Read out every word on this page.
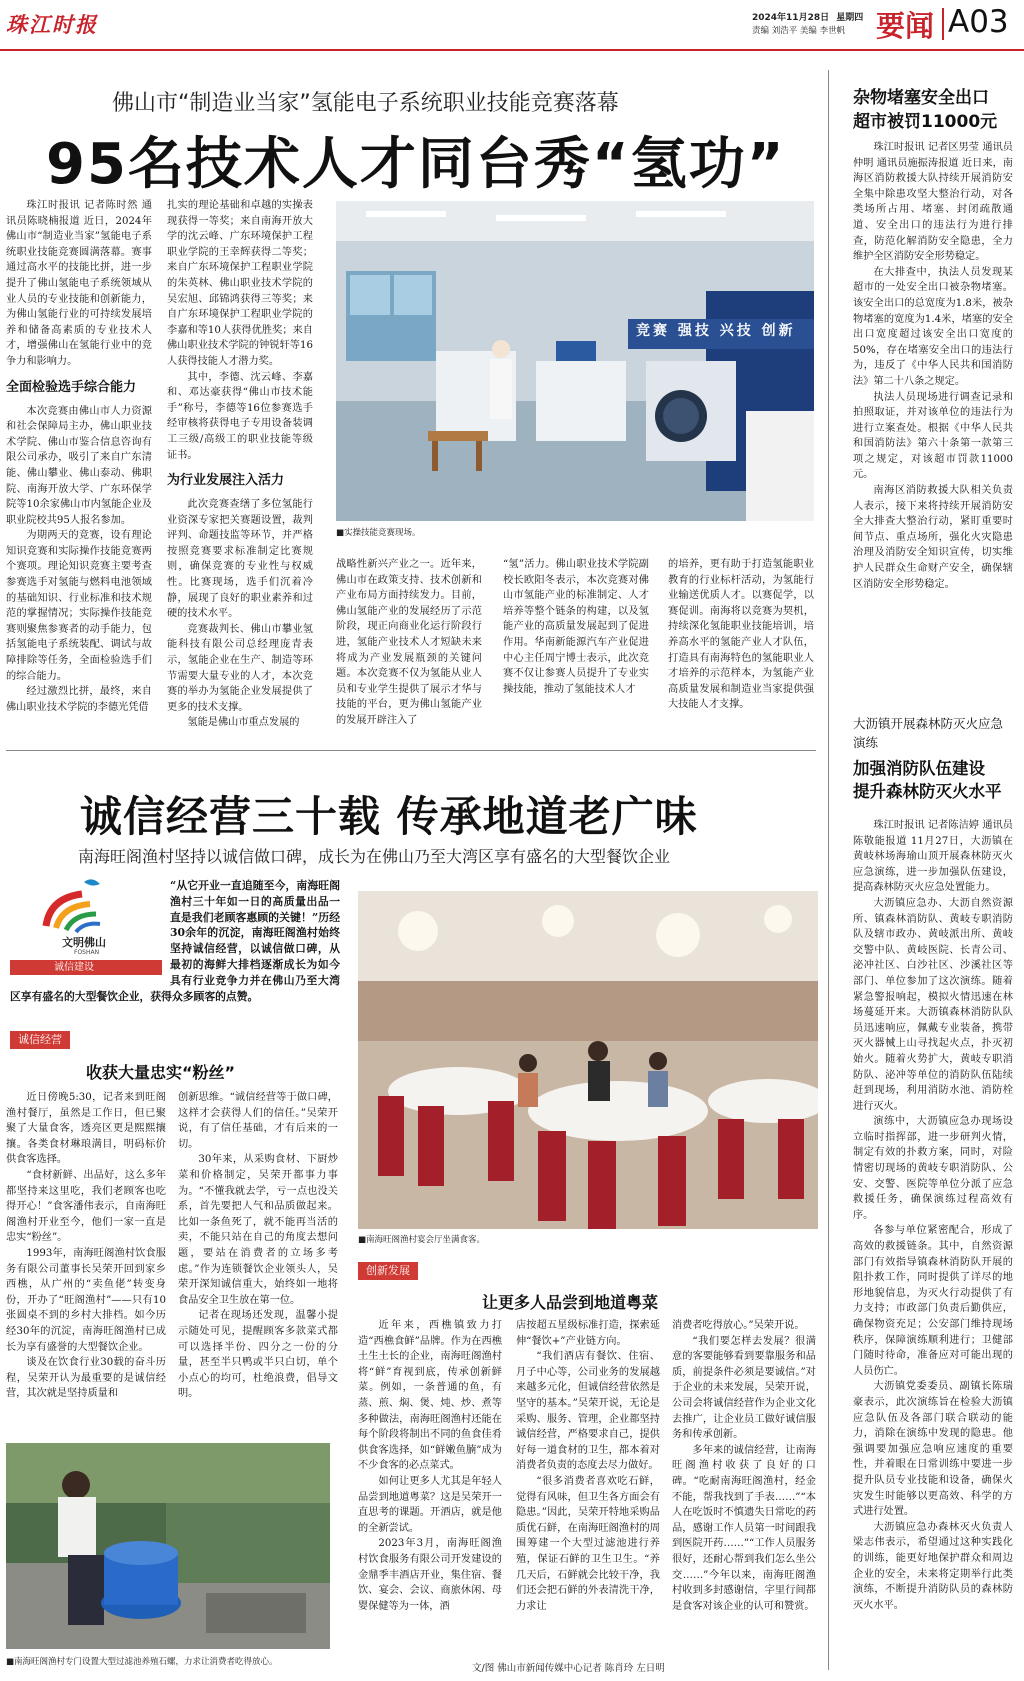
珠江时报	2024年11月28日 星期四
责编 刘浩平 美编 李世帆 要闻 A03
佛山市“制造业当家”氢能电子系统职业技能竞赛落幕
95名技术人才同台秀“氢功”

珠江时报讯 记者陈时然 通讯员陈晓楠报道 近日，2024年佛山市“制造业当家”氢能电子系统职业技能竞赛圆满落幕。赛事通过高水平的技能比拼，进一步提升了佛山氢能电子系统领域从业人员的专业技能和创新能力，为佛山氢能行业的可持续发展培养和储备高素质的专业技术人才，增强佛山在氢能行业中的竞争力和影响力。

全面检验选手综合能力

本次竞赛由佛山市人力资源和社会保障局主办，佛山职业技术学院、佛山市鉴合信息咨询有限公司承办，吸引了来自广东清能、佛山攀业、佛山泰动、佛职院、南海开放大学、广东环保学院等10余家佛山市内氢能企业及职业院校共95人报名参加。

为期两天的竞赛，设有理论知识竞赛和实际操作技能竞赛两个赛项。理论知识竞赛主要考查参赛选手对氢能与燃料电池领域的基础知识、行业标准和技术规范的掌握情况；实际操作技能竞赛则聚焦参赛者的动手能力，包括氢能电子系统装配、调试与故障排除等任务，全面检验选手们的综合能力。

经过激烈比拼，最终，来自佛山职业技术学院的李德光凭借

扎实的理论基础和卓越的实操表现获得一等奖；来自南海开放大学的沈云峰、广东环境保护工程职业学院的王幸辉获得二等奖；来自广东环境保护工程职业学院的朱英林、佛山职业技术学院的吴宏旭、邱锦鸿获得三等奖；来自广东环境保护工程职业学院的李嘉和等10人获得优胜奖；来自佛山职业技术学院的钟锐轩等16人获得技能人才潜力奖。

其中，李德、沈云峰、李嘉和、邓达豪获得“佛山市技术能手”称号，李德等16位参赛选手经审核将获得电子专用设备装调工三级/高级工的职业技能等级证书。

为行业发展注入活力

此次竞赛查缮了多位氢能行业资深专家把关赛题设置，裁判评判、命题技监等环节，并严格按照竞赛要求标准制定比赛规则，确保竞赛的专业性与权威性。比赛现场，选手们沉着冷静，展现了良好的职业素养和过硬的技术水平。

竞赛裁判长、佛山市攀业氢能科技有限公司总经理庞青表示，氢能企业在生产、制造等环节需要大量专业的人才，本次竞赛的举办为氢能企业发展提供了更多的技术支撑。

氢能是佛山市重点发展的

竞赛 强技 兴技 创新
■实操技能竞赛现场。

战略性新兴产业之一。近年来，佛山市在政策支持、技术创新和产业布局方面持续发力。目前，佛山氢能产业的发展经历了示范阶段，现正向商业化运行阶段行进，氢能产业技术人才短缺未来将成为产业发展瓶颈的关键问题。本次竞赛不仅为氢能从业人员和专业学生提供了展示才华与技能的平台，更为佛山氢能产业的发展开辟注入了

“氢”活力。佛山职业技术学院副校长欧阳冬表示，本次竞赛对佛山市氢能产业的标准制定、人才培养等整个链条的构建，以及氢能产业的高质量发展起到了促进作用。华南新能源汽车产业促进中心主任周宁博士表示，此次竞赛不仅让参赛人员提升了专业实操技能，推动了氢能技术人才

的培养，更有助于打造氢能职业教育的行业标杆活动，为氢能行业输送优质人才。以赛促学，以赛促训。南海将以竞赛为契机，持续深化氢能职业技能培训，培养高水平的氢能产业人才队伍，打造具有南海特色的氢能职业人才培养的示范样本，为氢能产业高质量发展和制造业当家提供强大技能人才支撑。

杂物堵塞安全出口
超市被罚11000元

珠江时报讯 记者区男莹 通讯员 仲明 通讯员施振涛报道 近日来，南海区消防救援大队持续开展消防安全集中除患攻坚大整治行动，对各类场所占用、堵塞、封闭疏散通道、安全出口的违法行为进行排查，防范化解消防安全隐患，全力维护全区消防安全形势稳定。

在大排查中，执法人员发现某超市的一处安全出口被杂物堵塞。该安全出口的总宽度为1.8米，被杂物堵塞的宽度为1.4米，堵塞的安全出口宽度超过该安全出口宽度的50%，存在堵塞安全出口的违法行为，违反了《中华人民共和国消防法》第二十八条之规定。

执法人员现场进行调查记录和拍照取证，并对该单位的违法行为进行立案查处。根据《中华人民共和国消防法》第六十条第一款第三项之规定，对该超市罚款11000元。

南海区消防救援大队相关负责人表示，接下来将持续开展消防安全大排查大整治行动，紧盯重要时间节点、重点场所，强化火灾隐患治理及消防安全知识宣传，切实维护人民群众生命财产安全，确保辖区消防安全形势稳定。

大沥镇开展森林防灭火应急演练
加强消防队伍建设
提升森林防灭火水平

珠江时报讯 记者陈洁婷 通讯员陈敬能报道 11月27日，大沥镇在黄岐林场海瑜山顶开展森林防灭火应急演练，进一步加强队伍建设，提高森林防灭火应急处置能力。

大沥镇应急办、大沥自然资源所、镇森林消防队、黄岐专职消防队及辖市政办、黄岐派出所、黄岐交警中队、黄岐医院、长青公司、泌冲社区、白沙社区、沙溪社区等部门、单位参加了这次演练。随着紧急警报响起，模拟火情迅速在林场蔓延开来。大沥镇森林消防队队员迅速响应，佩戴专业装备，携带灭火器械上山寻找起火点，扑灭初始火。随着火势扩大，黄岐专职消防队、泌冲等单位的消防队伍陆续赶到现场，利用消防水池、消防栓进行灭火。

演练中，大沥镇应急办现场设立临时指挥部，进一步研判火情，制定有效的扑救方案，同时，对险情密切现场的黄岐专职消防队、公安、交警、医院等单位分派了应急救援任务，确保演练过程高效有序。

各参与单位紧密配合，形成了高效的救援链条。其中，自然资源部门有效指导镇森林消防队开展的阻扑救工作，同时提供了详尽的地形地貌信息，为灭火行动提供了有力支持；市政部门负责后勤供应，确保物资充足；公安部门维持现场秩序，保障演练顺利进行；卫健部门随时待命，准备应对可能出现的人员伤亡。

大沥镇党委委员、副镇长陈瑞豪表示，此次演练旨在检验大沥镇应急队伍及各部门联合联动的能力，消除在演练中发现的隐患。他强调要加强应急响应速度的重要性，并着眼在日常训练中要进一步提升队员专业技能和设备，确保火灾发生时能够以更高效、科学的方式进行处置。

大沥镇应急办森林灭火负责人梁志伟表示，希望通过这种实践化的训练，能更好地保护群众和周边企业的安全，未来将定期举行此类演练，不断提升消防队员的森林防灭火水平。

诚信经营三十载 传承地道老广味
南海旺阁渔村坚持以诚信做口碑，成长为在佛山乃至大湾区享有盛名的大型餐饮企业
文明佛山
FOSHAN
诚信建设

“从它开业一直追随至今，南海旺阁渔村三十年如一日的高质量出品一直是我们老顾客惠顾的关键！”历经30余年的沉淀，南海旺阁渔村始终坚持诚信经营，以诚信做口碑，从最初的海鲜大排档逐渐成长为如今具有行业竞争力并在佛山乃至大湾区享有盛名的大型餐饮企业，获得众多顾客的点赞。

诚信经营
收获大量忠实“粉丝”

近日傍晚5:30，记者来到旺阁渔村餐厅，虽然是工作日，但已聚聚了大量食客，透亮区更是熙熙攘攘。各类食材琳琅满目，明码标价供食客选择。

“食材新鲜、出品好，这么多年都坚持来这里吃，我们老顾客也吃得开心！”食客潘伟表示，自南海旺阁渔村开业至今，他们一家一直是忠实“粉丝”。

1993年，南海旺阁渔村饮食服务有限公司董事长吴荣开回到家乡西樵，从广州的“卖鱼佬”转变身份，开办了“旺阁渔村”——只有10张圆桌不到的乡村大排档。如今历经30年的沉淀，南海旺阁渔村已成长为享有盛誉的大型餐饮企业。

谈及在饮食行业30载的奋斗历程，吴荣开认为最重要的是诚信经营，其次就是坚持质量和

创新思维。“诚信经营等于做口碑，这样才会获得人们的信任。”吴荣开说，有了信任基础，才有后来的一切。

30年来，从采购食材、下厨炒菜和价格制定，吴荣开都事力事为。“不懂我就去学，亏一点也没关系，首先要把人气和品质做起来。比如一条鱼死了，就不能再当活的卖，不能只站在自己的角度去想问题，要站在消费者的立场多考虑。”作为连锁餐饮企业领头人，吴荣开深知诚信重大，始终如一地将食品安全卫生放在第一位。

记者在现场还发现，温馨小提示随处可见，提醒顾客多款菜式都可以选择半份、四分之一份的分量，甚至半只鸭或半只白切，单个小点心的均可，杜绝浪费，倡导文明。

■南海旺阁渔村宴会厅坐满食客。
创新发展
让更多人品尝到地道粤菜

近年来，西樵镇致力打造“西樵食鲜”品牌。作为在西樵土生土长的企业，南海旺阁渔村将“鲜”育视到底，传承创新鲜菜。例如，一条普通的鱼，有蒸、煎、焖、煲、炖、炒、煮等多种做法，南海旺阁渔村还能在每个阶段将制出不同的鱼食佳肴供食客选择，如“鲜嫩鱼腩”成为不少食客的必点菜式。

如何让更多人尤其是年轻人品尝到地道粤菜？这是吴荣开一直思考的课题。开酒店，就是他的全新尝试。

2023年3月，南海旺阁渔村饮食服务有限公司开发建设的金鼎季丰酒店开业，集住宿、餐饮、宴会、会议、商旅休闲、母婴保健等为一体，酒

店按超五星级标准打造，探索延伸“餐饮+”产业链方向。

“我们酒店有餐饮、住宿、月子中心等，公司业务的发展越来越多元化，但诚信经营依然是坚守的基本。”吴荣开说，无论是采购、服务、管理，企业都坚持诚信经营，严格要求自己，提供好每一道食材的卫生，都本着对消费者负责的态度去尽力做好。

“很多消费者喜欢吃石鲜，觉得有风味，但卫生各方面会有隐患。”因此，吴荣开特地采购品质优石鲜，在南海旺阁渔村的周围筹建一个大型过滤池进行养殖，保证石鲜的卫生卫生。“养几天后，石鲜就会比较干净，我们还会把石鲜的外表清洗干净，力求让

消费者吃得放心。”吴荣开说。

“我们要怎样去发展？很满意的客要能够看到要靠服务和品质，前提条件必须是要诚信。”对于企业的未来发展，吴荣开说，公司会将诚信经营作为企业文化去推广，让企业员工做好诚信服务和传承创新。

多年来的诚信经营，让南海旺阁渔村收获了良好的口碑。“吃耐南海旺阁渔村，经金不能，帮我找到了手表……”“本人在吃饭时不慎遗失日常吃的药品，感谢工作人员第一时间跟我到医院开药……”“工作人员服务很好，还耐心帮到我们怎么坐公交……”今年以来，南海旺阁渔村收到多封感谢信，字里行间都是食客对该企业的认可和赞赏。

■南海旺阁渔村专门设置大型过滤池养殖石螺，力求让消费者吃得放心。
文/图 佛山市新闻传媒中心记者 陈肖玲 左日明
